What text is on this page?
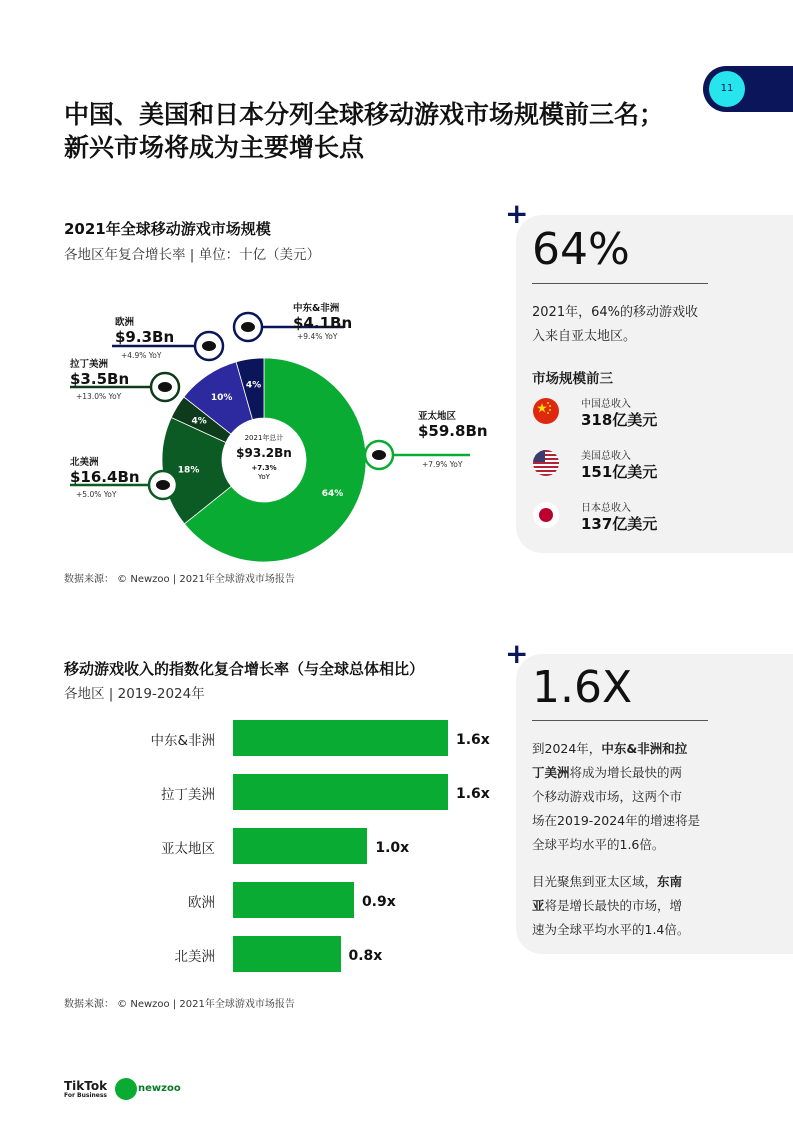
11
中国、美国和日本分列全球移动游戏市场规模前三名；
新兴市场将成为主要增长点
2021年全球移动游戏市场规模
各地区年复合增长率 | 单位：十亿（美元）
64%
18%
4%
10%
4%
2021年总计
$93.2Bn
+7.3%
YoY
亚太地区
$59.8Bn
+7.9% YoY
北美洲
$16.4Bn
+5.0% YoY
拉丁美洲
$3.5Bn
+13.0% YoY
欧洲
$9.3Bn
+4.9% YoY
中东&非洲
$4.1Bn
+9.4% YoY
数据来源： © Newzoo | 2021年全球游戏市场报告
+
64%
2021年，64%的移动游戏收
入来自亚太地区。
市场规模前三
中国总收入
318亿美元
美国总收入
151亿美元
日本总收入
137亿美元
移动游戏收入的指数化复合增长率（与全球总体相比）
各地区 | 2019-2024年
中东&非洲	1.6x
拉丁美洲	1.6x
亚太地区	1.0x
欧洲	0.9x
北美洲	0.8x
数据来源： © Newzoo | 2021年全球游戏市场报告
+
1.6X
到2024年，中东&非洲和拉
丁美洲将成为增长最快的两
个移动游戏市场，这两个市
场在2019-2024年的增速将是
全球平均水平的1.6倍。
目光聚焦到亚太区域，东南
亚将是增长最快的市场，增
速为全球平均水平的1.4倍。
TikTok
For Business
newzoo
